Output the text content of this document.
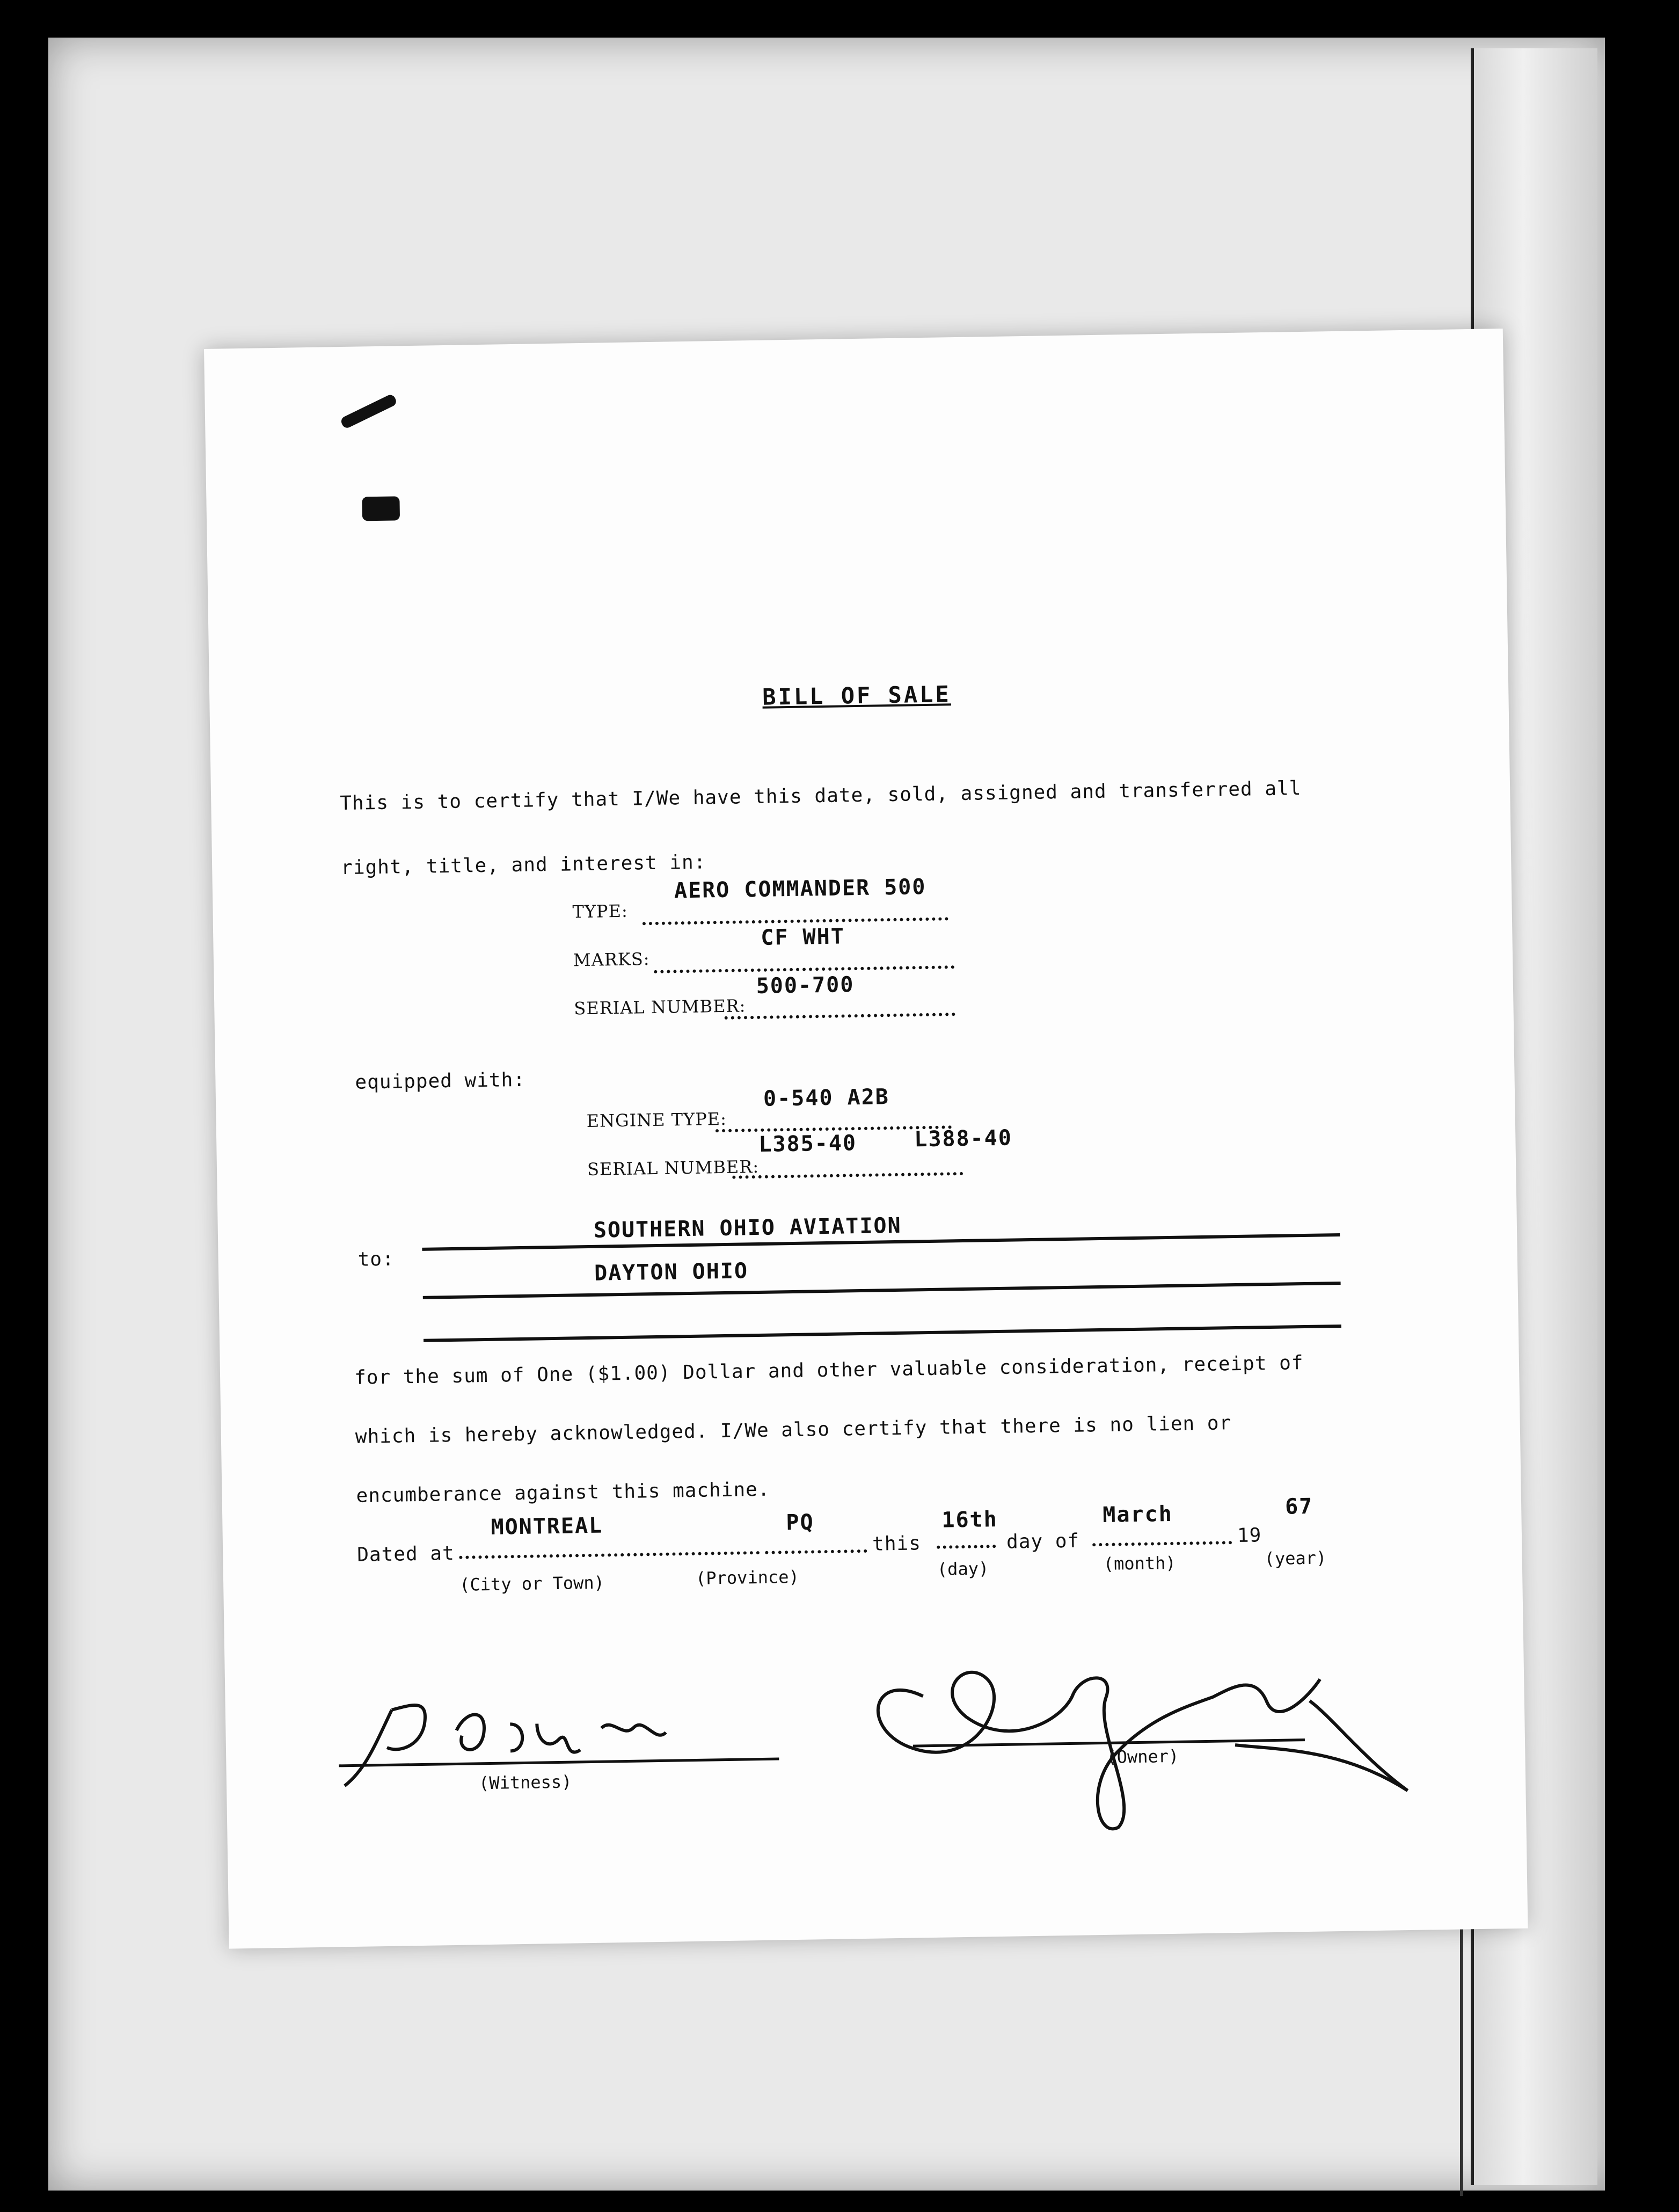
BILL OF SALE
This is to certify that I/We have this date, sold, assigned and transferred all
right, title, and interest in:
TYPE:
AERO COMMANDER 500
MARKS:
CF WHT
SERIAL NUMBER:
500-700
equipped with:
ENGINE TYPE:
0-540 A2B
SERIAL NUMBER:
L385-40	L388-40
to:
SOUTHERN OHIO AVIATION
DAYTON OHIO
for the sum of One ($1.00) Dollar and other valuable consideration, receipt of
which is hereby acknowledged. I/We also certify that there is no lien or
encumberance against this machine.
Dated at
MONTREAL	PQ
this
16th
day of
March
19
67
(City or Town)	(Province)	(day)	(month)	(year)
(Witness)
(Owner)
